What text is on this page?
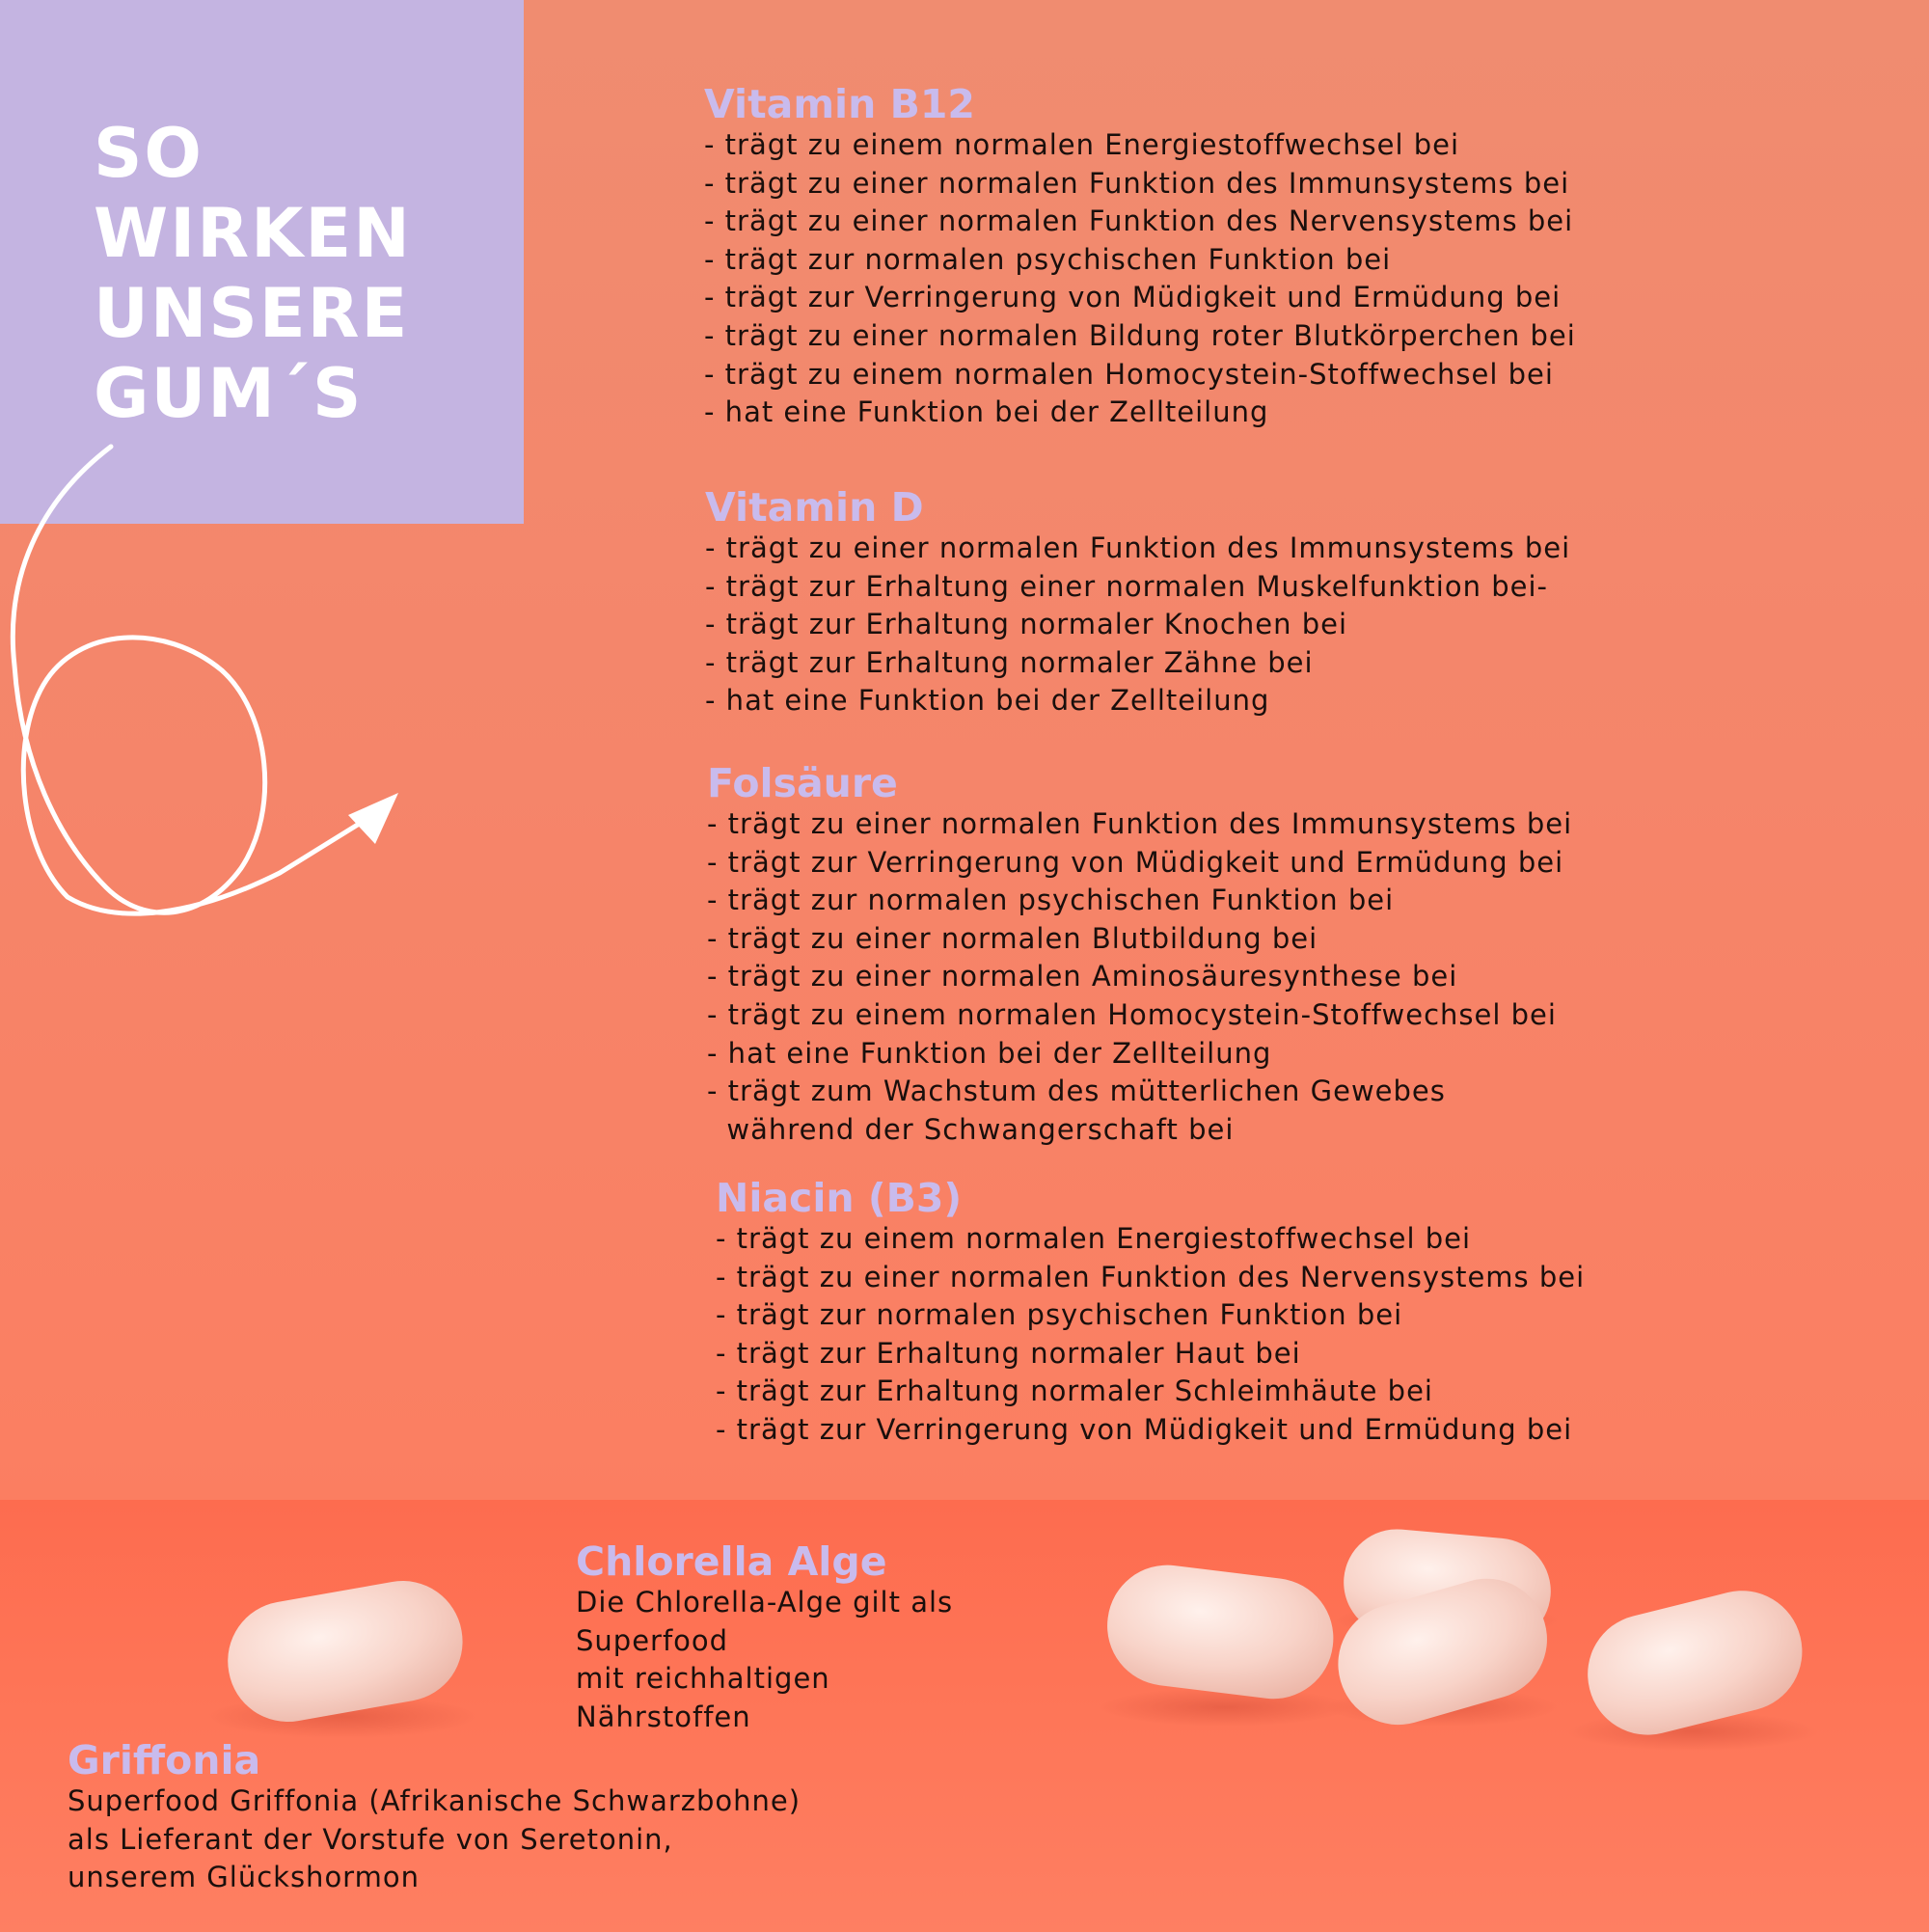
SO
WIRKEN
UNSERE
GUM´S
Vitamin B12
- trägt zu einem normalen Energiestoffwechsel bei
- trägt zu einer normalen Funktion des Immunsystems bei
- trägt zu einer normalen Funktion des Nervensystems bei
- trägt zur normalen psychischen Funktion bei
- trägt zur Verringerung von Müdigkeit und Ermüdung bei
- trägt zu einer normalen Bildung roter Blutkörperchen bei
- trägt zu einem normalen Homocystein-Stoffwechsel bei
- hat eine Funktion bei der Zellteilung
Vitamin D
- trägt zu einer normalen Funktion des Immunsystems bei
- trägt zur Erhaltung einer normalen Muskelfunktion bei-
- trägt zur Erhaltung normaler Knochen bei
- trägt zur Erhaltung normaler Zähne bei
- hat eine Funktion bei der Zellteilung
Folsäure
- trägt zu einer normalen Funktion des Immunsystems bei
- trägt zur Verringerung von Müdigkeit und Ermüdung bei
- trägt zur normalen psychischen Funktion bei
- trägt zu einer normalen Blutbildung bei
- trägt zu einer normalen Aminosäuresynthese bei
- trägt zu einem normalen Homocystein-Stoffwechsel bei
- hat eine Funktion bei der Zellteilung
- trägt zum Wachstum des mütterlichen Gewebes
während der Schwangerschaft bei
Niacin (B3)
- trägt zu einem normalen Energiestoffwechsel bei
- trägt zu einer normalen Funktion des Nervensystems bei
- trägt zur normalen psychischen Funktion bei
- trägt zur Erhaltung normaler Haut bei
- trägt zur Erhaltung normaler Schleimhäute bei
- trägt zur Verringerung von Müdigkeit und Ermüdung bei
Chlorella Alge
Die Chlorella-Alge gilt als
Superfood
mit reichhaltigen
Nährstoffen
Griffonia
Superfood Griffonia (Afrikanische Schwarzbohne)
als Lieferant der Vorstufe von Seretonin,
unserem Glückshormon
